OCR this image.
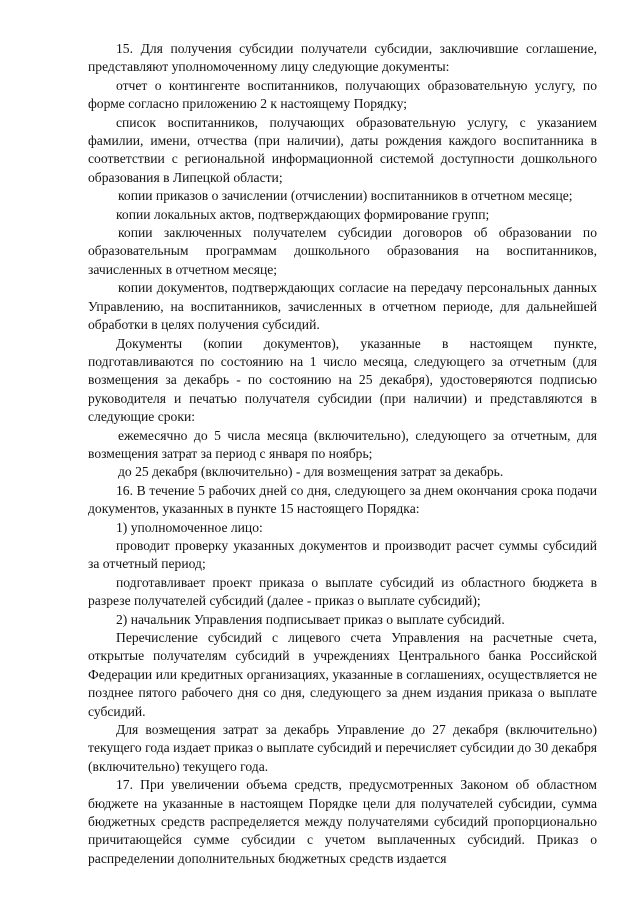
15. Для получения субсидии получатели субсидии, заключившие соглашение, представляют уполномоченному лицу следующие документы:

отчет о контингенте воспитанников, получающих образовательную услугу, по форме согласно приложению 2 к настоящему Порядку;

список воспитанников, получающих образовательную услугу, с указанием фамилии, имени, отчества (при наличии), даты рождения каждого воспитанника в соответствии с региональной информационной системой доступности дошкольного образования в Липецкой области;

копии приказов о зачислении (отчислении) воспитанников в отчетном месяце;

копии локальных актов, подтверждающих формирование групп;

копии заключенных получателем субсидии договоров об образовании по образовательным программам дошкольного образования на воспитанников, зачисленных в отчетном месяце;

копии документов, подтверждающих согласие на передачу персональных данных Управлению, на воспитанников, зачисленных в отчетном периоде, для дальнейшей обработки в целях получения субсидий.

Документы (копии документов), указанные в настоящем пункте, подготавливаются по состоянию на 1 число месяца, следующего за отчетным (для возмещения за декабрь - по состоянию на 25 декабря), удостоверяются подписью руководителя и печатью получателя субсидии (при наличии) и представляются в следующие сроки:

ежемесячно до 5 числа месяца (включительно), следующего за отчетным, для возмещения затрат за период с января по ноябрь;

до 25 декабря (включительно) - для возмещения затрат за декабрь.

16. В течение 5 рабочих дней со дня, следующего за днем окончания срока подачи документов, указанных в пункте 15 настоящего Порядка:

1) уполномоченное лицо:

проводит проверку указанных документов и производит расчет суммы субсидий за отчетный период;

подготавливает проект приказа о выплате субсидий из областного бюджета в разрезе получателей субсидий (далее - приказ о выплате субсидий);

2) начальник Управления подписывает приказ о выплате субсидий.

Перечисление субсидий с лицевого счета Управления на расчетные счета, открытые получателям субсидий в учреждениях Центрального банка Российской Федерации или кредитных организациях, указанные в соглашениях, осуществляется не позднее пятого рабочего дня со дня, следующего за днем издания приказа о выплате субсидий.

Для возмещения затрат за декабрь Управление до 27 декабря (включительно) текущего года издает приказ о выплате субсидий и перечисляет субсидии до 30 декабря (включительно) текущего года.

17. При увеличении объема средств, предусмотренных Законом об областном бюджете на указанные в настоящем Порядке цели для получателей субсидии, сумма бюджетных средств распределяется между получателями субсидий пропорционально причитающейся сумме субсидии с учетом выплаченных субсидий. Приказ о распределении дополнительных бюджетных средств издается
